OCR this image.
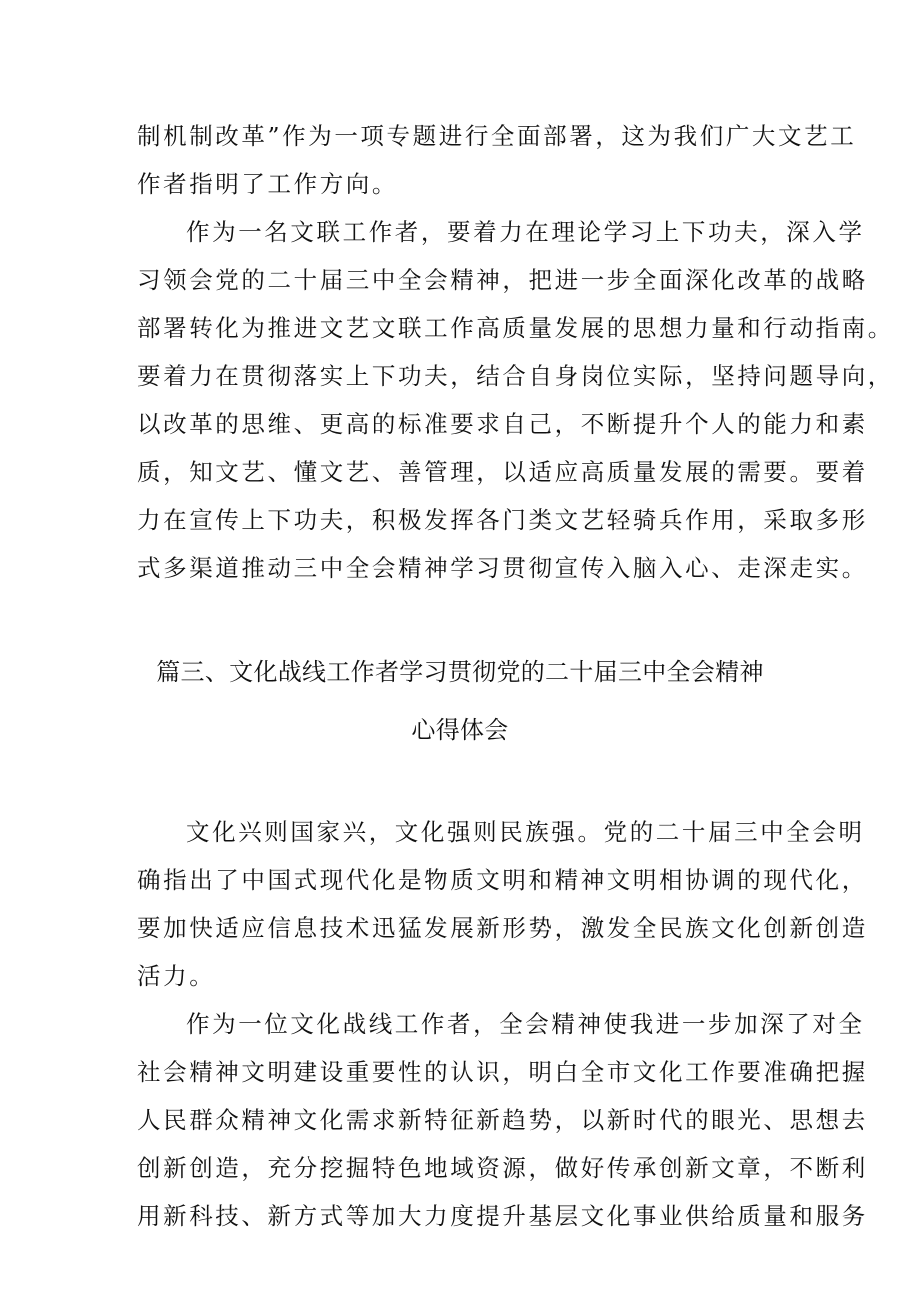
制机制改革”作为一项专题进行全面部署，这为我们广大文艺工

作者指明了工作方向。

作为一名文联工作者，要着力在理论学习上下功夫，深入学

习领会党的二十届三中全会精神，把进一步全面深化改革的战略

部署转化为推进文艺文联工作高质量发展的思想力量和行动指南。

要着力在贯彻落实上下功夫，结合自身岗位实际，坚持问题导向，

以改革的思维、更高的标准要求自己，不断提升个人的能力和素

质，知文艺、懂文艺、善管理，以适应高质量发展的需要。要着

力在宣传上下功夫，积极发挥各门类文艺轻骑兵作用，采取多形

式多渠道推动三中全会精神学习贯彻宣传入脑入心、走深走实。

篇三、文化战线工作者学习贯彻党的二十届三中全会精神
心得体会

文化兴则国家兴，文化强则民族强。党的二十届三中全会明

确指出了中国式现代化是物质文明和精神文明相协调的现代化，

要加快适应信息技术迅猛发展新形势，激发全民族文化创新创造

活力。

作为一位文化战线工作者，全会精神使我进一步加深了对全

社会精神文明建设重要性的认识，明白全市文化工作要准确把握

人民群众精神文化需求新特征新趋势，以新时代的眼光、思想去

创新创造，充分挖掘特色地域资源，做好传承创新文章，不断利

用新科技、新方式等加大力度提升基层文化事业供给质量和服务
